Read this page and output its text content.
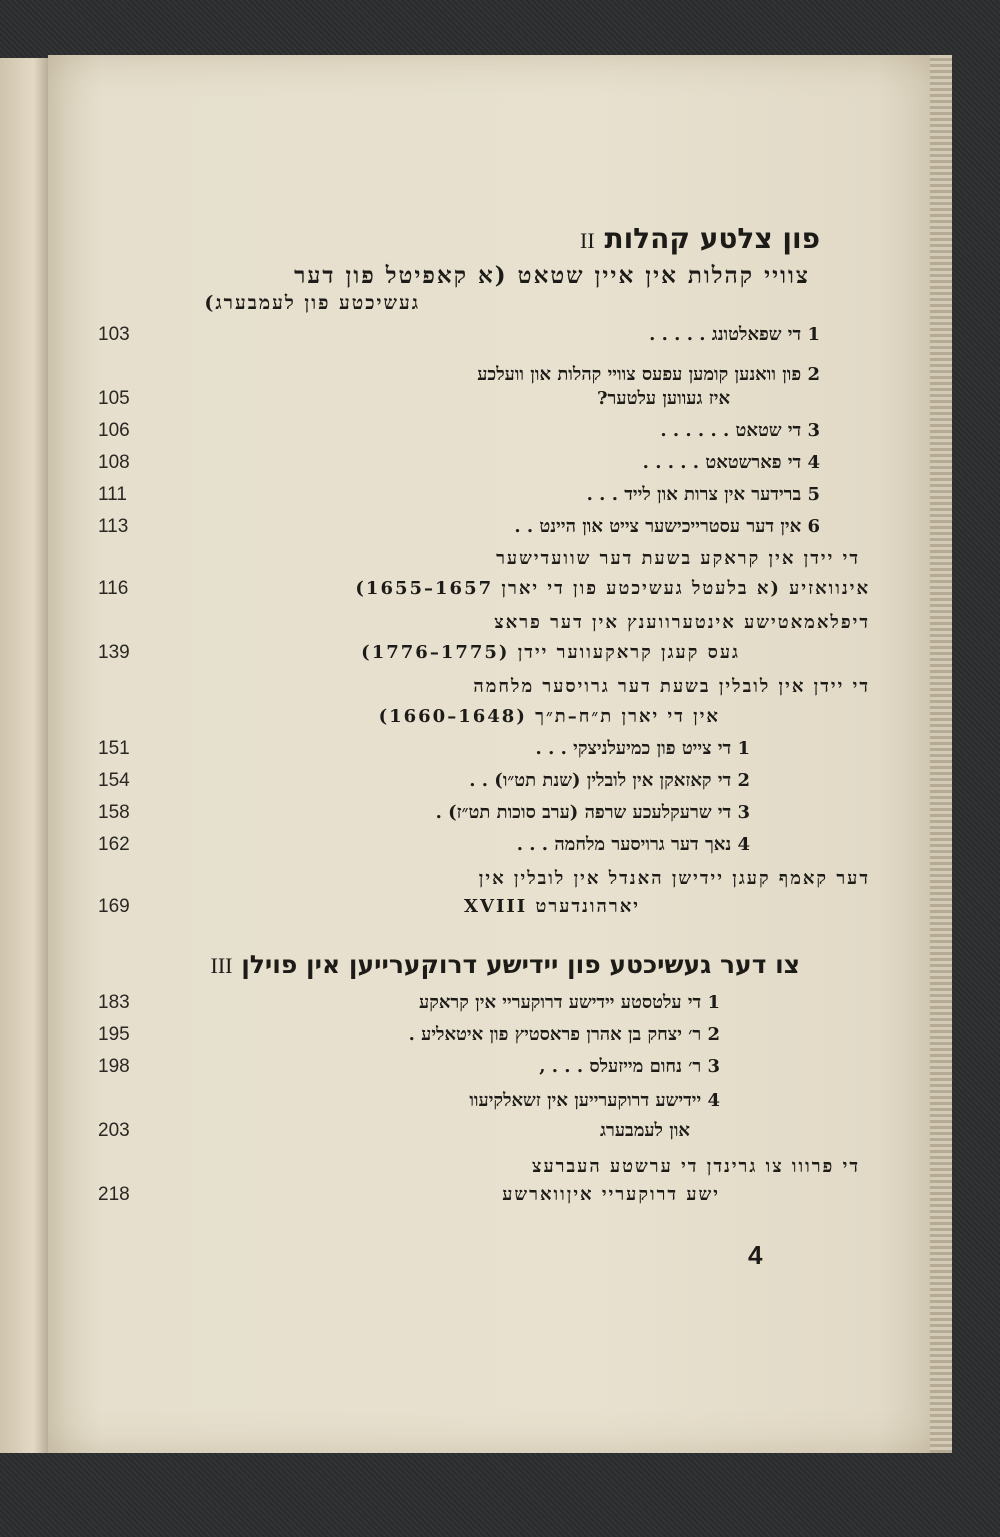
פון צלטע קהלות II
צוויי קהלות אין איין שטאט (א קאפיטל פון דער
געשיכטע פון לעמבערג)
103	1 די שפאלטונג . . . . .
2 פון וואנען קומען עפעס צוויי קהלות און וועלכע
105	איז געווען עלטער?
106	3 די שטאט . . . . . .
108	4 די פארשטאט . . . . .
111	5 ברידער אין צרות און לייד . . .
113	6 אין דער עסטרייכישער צייט און היינט . .
די יידן אין קראקע בשעת דער שוועדישער
116	אינוואזיע (א בלעטל געשיכטע פון די יארן 1657–1655)
דיפלאמאטישע אינטערווענץ אין דער פראצ
139	געס קעגן קראקעווער יידן (1775–1776)
די יידן אין לובלין בשעת דער גרויסער מלחמה
אין די יארן ת״ח–ת״ך (1648–1660)
151	1 די צייט פון כמיעלניצקי . . .
154	2 די קאזאקן אין לובלין (שנת תט״ו) . .
158	3 די שרעקלעכע שרפה (ערב סוכות תט״ז) .
162	4 נאך דער גרויסער מלחמה . . .
דער קאמף קעגן יידישן האנדל אין לובלין אין
169	יארהונדערט XVIII
צו דער געשיכטע פון יידישע דרוקערייען אין פוילן III
183	1 די עלטסטע יידישע דרוקעריי אין קראקע
195	2 ר׳ יצחק בן אהרן פראסטיץ פון איטאליע .
198	3 ר׳ נחום מייזעלס . . . ,
4 יידישע דרוקערייען אין זשאלקיעוו
203	און לעמבערג
די פרווו צו גרינדן די ערשטע העברעצ
218	ישע דרוקעריי איןווארשע
4
